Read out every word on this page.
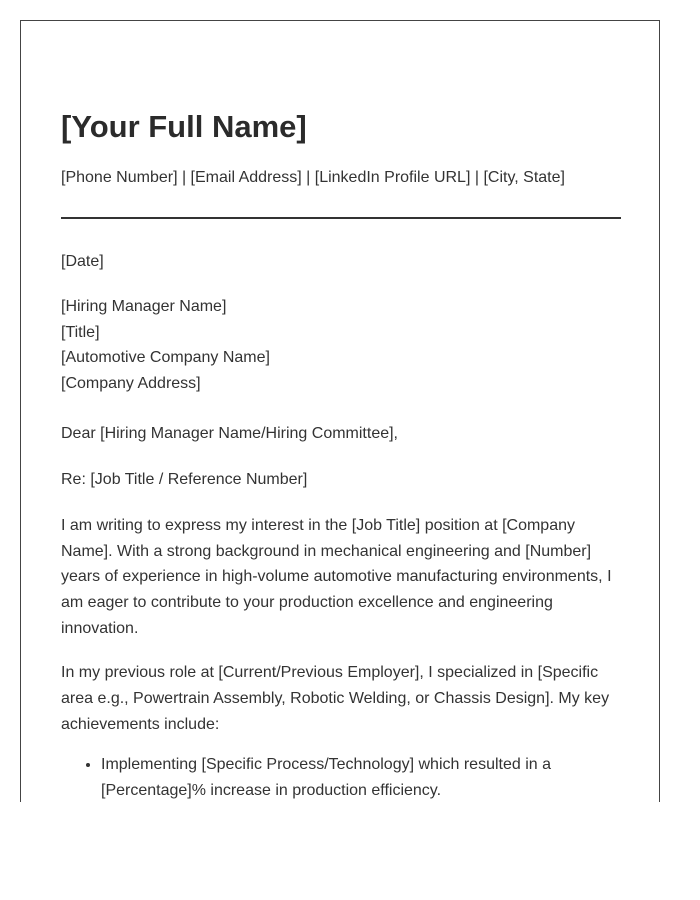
[Your Full Name]
[Phone Number] | [Email Address] | [LinkedIn Profile URL] | [City, State]
[Date]
[Hiring Manager Name]
[Title]
[Automotive Company Name]
[Company Address]
Dear [Hiring Manager Name/Hiring Committee],
Re: [Job Title / Reference Number]

I am writing to express my interest in the [Job Title] position at [Company Name]. With a strong background in mechanical engineering and [Number] years of experience in high-volume automotive manufacturing environments, I am eager to contribute to your production excellence and engineering innovation.

In my previous role at [Current/Previous Employer], I specialized in [Specific area e.g., Powertrain Assembly, Robotic Welding, or Chassis Design]. My key achievements include:

• Implementing [Specific Process/Technology] which resulted in a [Percentage]% increase in production efficiency.
